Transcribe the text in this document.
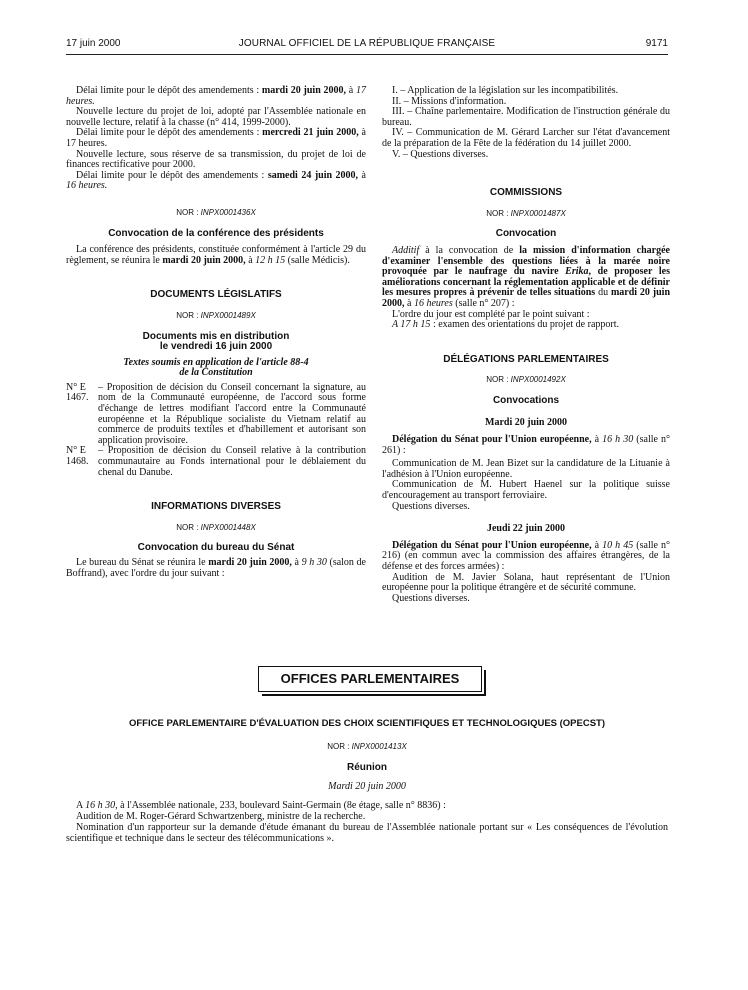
17 juin 2000	JOURNAL OFFICIEL DE LA RÉPUBLIQUE FRANÇAISE	9171

Délai limite pour le dépôt des amendements : mardi 20 juin 2000, à 17 heures.

Nouvelle lecture du projet de loi, adopté par l'Assemblée nationale en nouvelle lecture, relatif à la chasse (n° 414, 1999-2000).

Délai limite pour le dépôt des amendements : mercredi 21 juin 2000, à 17 heures.

Nouvelle lecture, sous réserve de sa transmission, du projet de loi de finances rectificative pour 2000.

Délai limite pour le dépôt des amendements : samedi 24 juin 2000, à 16 heures.

NOR : INPX0001436X
Convocation de la conférence des présidents

La conférence des présidents, constituée conformément à l'article 29 du règlement, se réunira le mardi 20 juin 2000, à 12 h 15 (salle Médicis).

DOCUMENTS LÉGISLATIFS
NOR : INPX0001489X
Documents mis en distribution
le vendredi 16 juin 2000
Textes soumis en application de l'article 88-4
de la Constitution
N° E 1467.
– Proposition de décision du Conseil concernant la signature, au nom de la Communauté européenne, de l'accord sous forme d'échange de lettres modifiant l'accord entre la Communauté européenne et la République socialiste du Vietnam relatif au commerce de produits textiles et d'habillement et autorisant son application provisoire.
N° E 1468.
– Proposition de décision du Conseil relative à la contribution communautaire au Fonds international pour le déblaiement du chenal du Danube.
INFORMATIONS DIVERSES
NOR : INPX0001448X
Convocation du bureau du Sénat

Le bureau du Sénat se réunira le mardi 20 juin 2000, à 9 h 30 (salon de Boffrand), avec l'ordre du jour suivant :

I. – Application de la législation sur les incompatibilités.

II. – Missions d'information.

III. – Chaîne parlementaire. Modification de l'instruction générale du bureau.

IV. – Communication de M. Gérard Larcher sur l'état d'avancement de la préparation de la Fête de la fédération du 14 juillet 2000.

V. – Questions diverses.

COMMISSIONS
NOR : INPX0001487X
Convocation

Additif à la convocation de la mission d'information chargée d'examiner l'ensemble des questions liées à la marée noire provoquée par le naufrage du navire Erika, de proposer les améliorations concernant la réglementation applicable et de définir les mesures propres à prévenir de telles situations du mardi 20 juin 2000, à 16 heures (salle n° 207) :

L'ordre du jour est complété par le point suivant :

A 17 h 15 : examen des orientations du projet de rapport.

DÉLÉGATIONS PARLEMENTAIRES
NOR : INPX0001492X
Convocations
Mardi 20 juin 2000

Délégation du Sénat pour l'Union européenne, à 16 h 30 (salle n° 261) :

Communication de M. Jean Bizet sur la candidature de la Lituanie à l'adhésion à l'Union européenne.

Communication de M. Hubert Haenel sur la politique suisse d'encouragement au transport ferroviaire.

Questions diverses.

Jeudi 22 juin 2000

Délégation du Sénat pour l'Union européenne, à 10 h 45 (salle n° 216) (en commun avec la commission des affaires étrangères, de la défense et des forces armées) :

Audition de M. Javier Solana, haut représentant de l'Union européenne pour la politique étrangère et de sécurité commune.

Questions diverses.

OFFICES PARLEMENTAIRES
OFFICE PARLEMENTAIRE D'ÉVALUATION DES CHOIX SCIENTIFIQUES ET TECHNOLOGIQUES (OPECST)
NOR : INPX0001413X
Réunion
Mardi 20 juin 2000

A 16 h 30, à l'Assemblée nationale, 233, boulevard Saint-Germain (8e étage, salle n° 8836) :

Audition de M. Roger-Gérard Schwartzenberg, ministre de la recherche.

Nomination d'un rapporteur sur la demande d'étude émanant du bureau de l'Assemblée nationale portant sur « Les conséquences de l'évolution scientifique et technique dans le secteur des télécommunications ».
